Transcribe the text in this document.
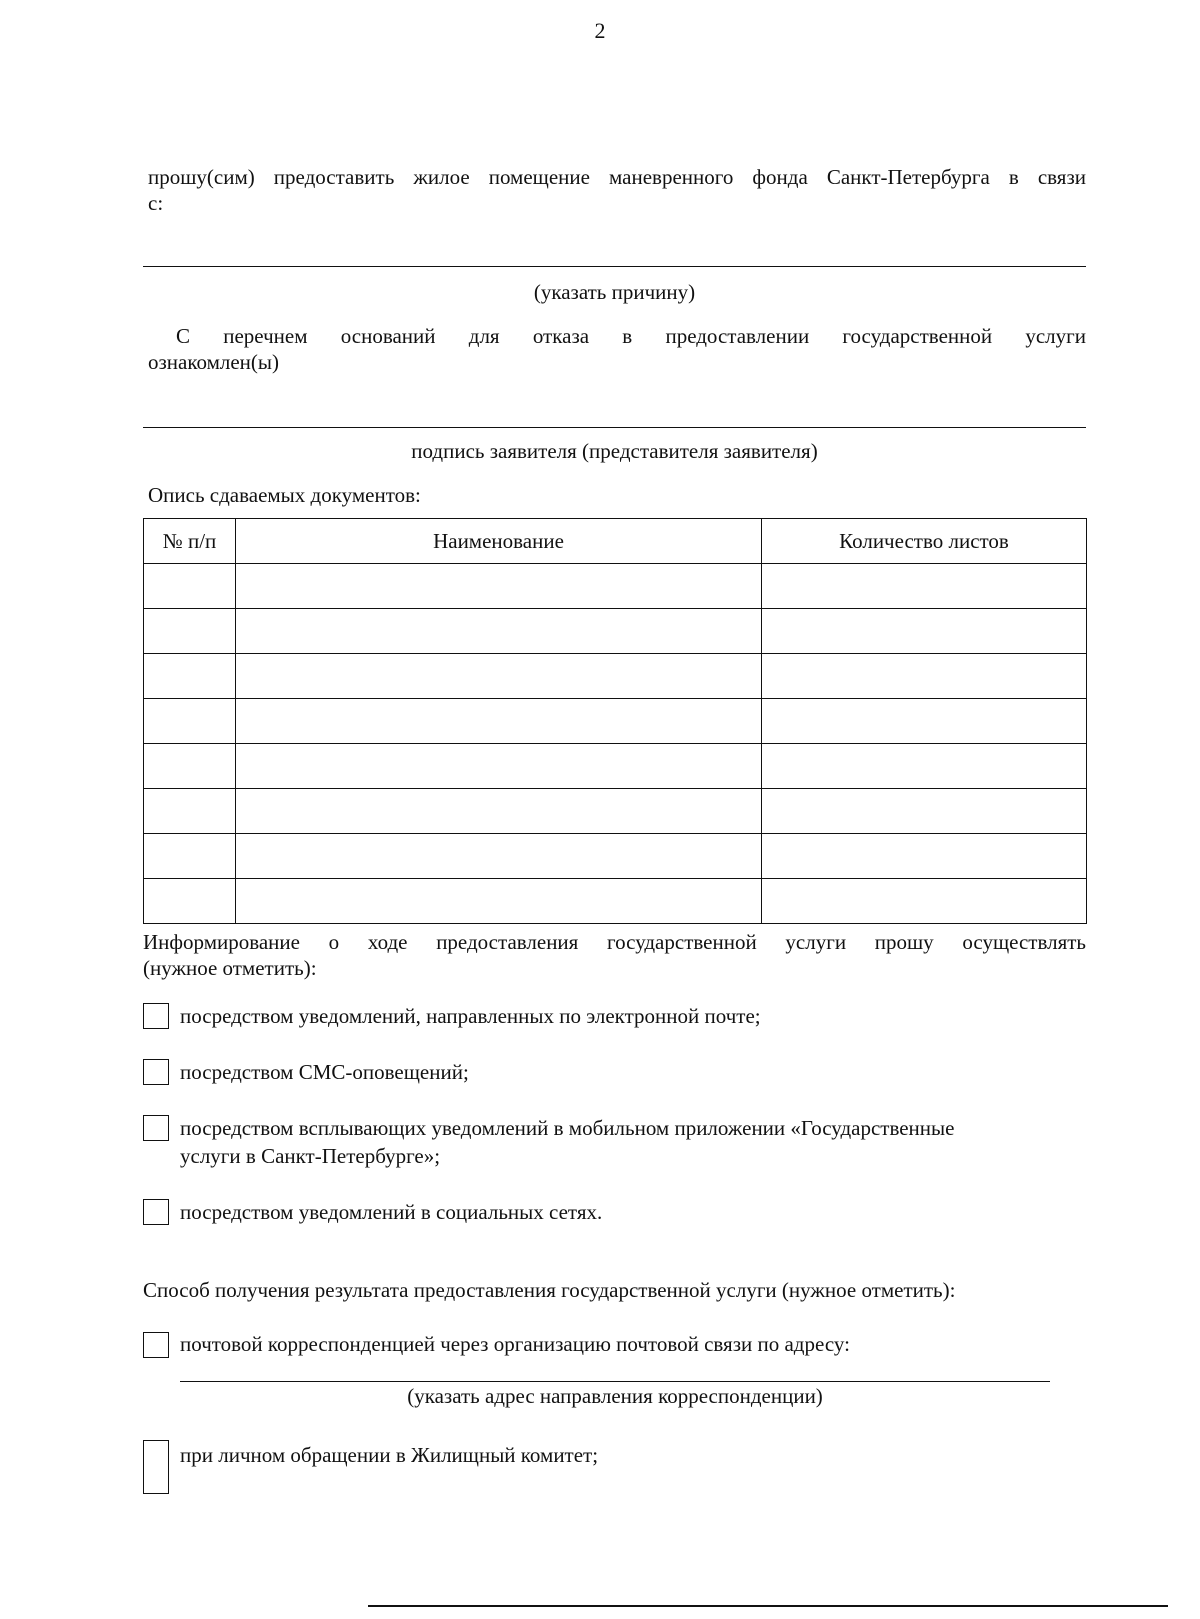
2
прошу(сим) предоставить жилое помещение маневренного фонда Санкт-Петербурга в связи
с:
(указать причину)
С перечнем оснований для отказа в предоставлении государственной услуги
ознакомлен(ы)
подпись заявителя (представителя заявителя)
Опись сдаваемых документов:
№ п/п	Наименование	Количество листов

Информирование о ходе предоставления государственной услуги прошу осуществлять
(нужное отметить):
посредством уведомлений, направленных по электронной почте;
посредством СМС-оповещений;
посредством всплывающих уведомлений в мобильном приложении «Государственные
услуги в Санкт-Петербурге»;
посредством уведомлений в социальных сетях.
Способ получения результата предоставления государственной услуги (нужное отметить):
почтовой корреспонденцией через организацию почтовой связи по адресу:
(указать адрес направления корреспонденции)
при личном обращении в Жилищный комитет;
